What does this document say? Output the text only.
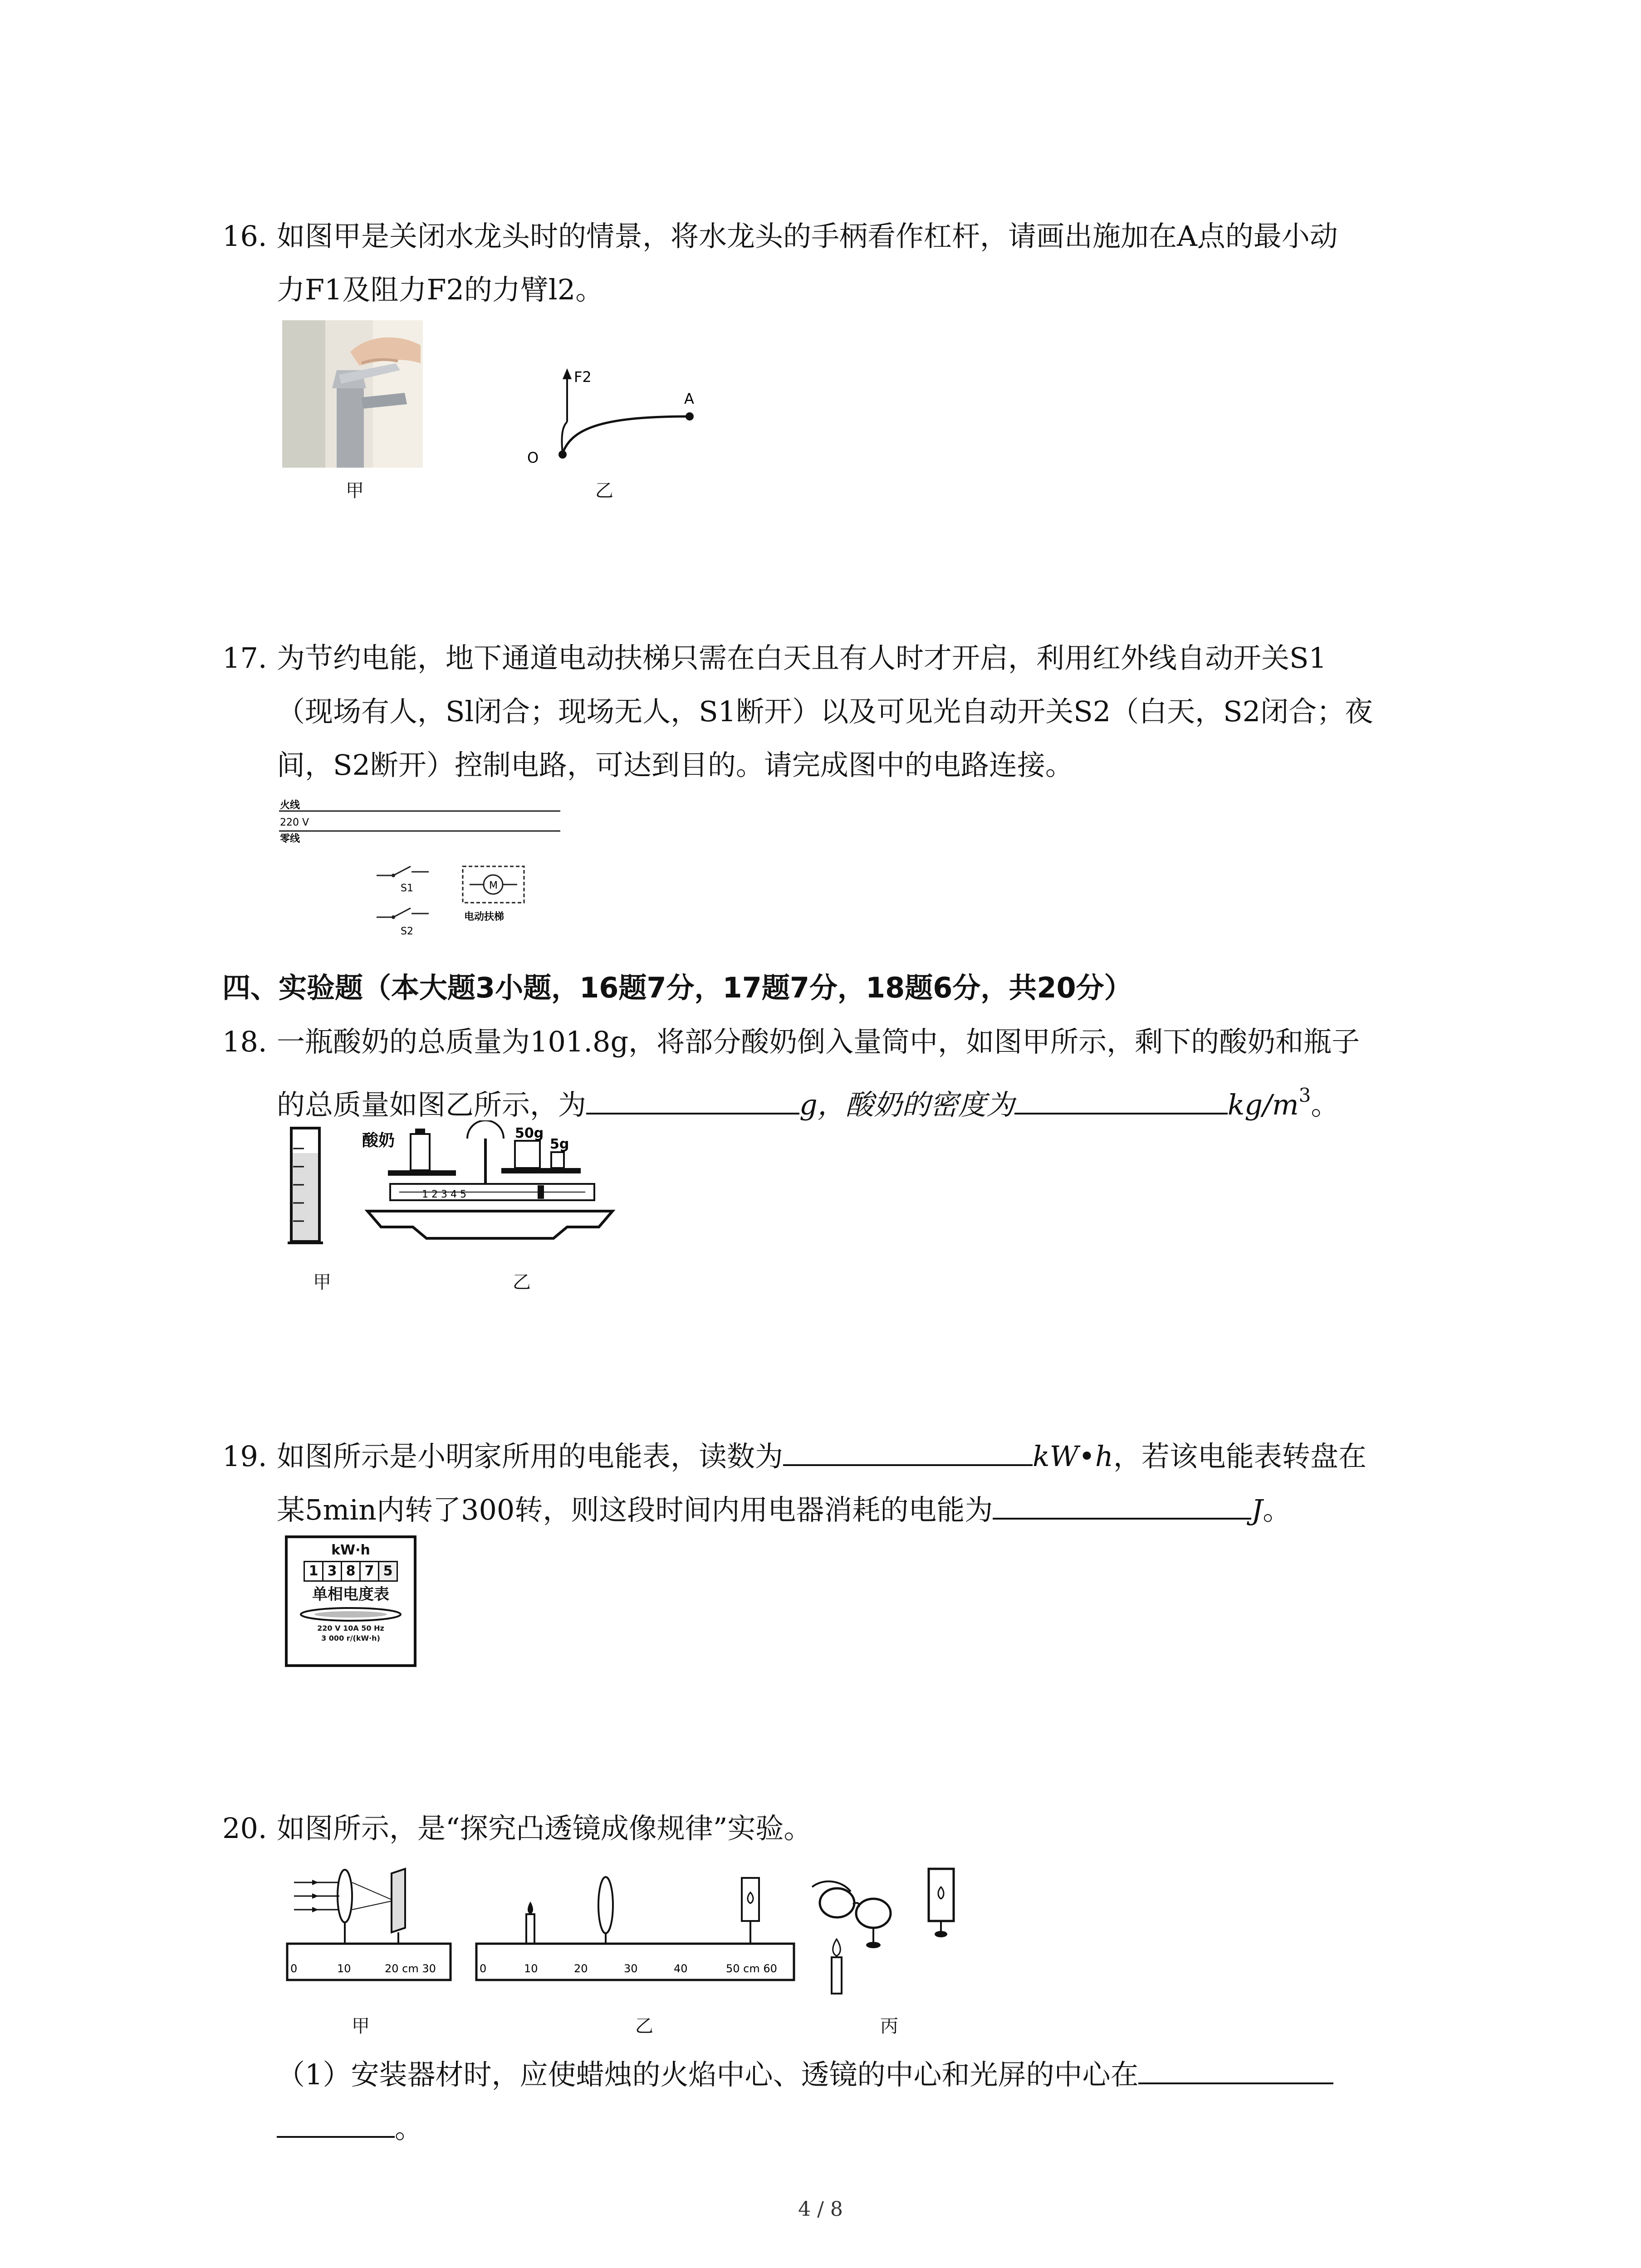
16. 如图甲是关闭水龙头时的情景，将水龙头的手柄看作杠杆，请画出施加在A点的最小动
力F1及阻力F2的力臂l2。
甲
F2
A
O
乙
17. 为节约电能，地下通道电动扶梯只需在白天且有人时才开启，利用红外线自动开关S1
（现场有人，Sl闭合；现场无人，S1断开）以及可见光自动开关S2（白天，S2闭合；夜
间，S2断开）控制电路，可达到目的。请完成图中的电路连接。
火线
220 V
零线
S1
S2
M
电动扶梯
四、实验题（本大题3小题，16题7分，17题7分，18题6分，共20分）
18. 一瓶酸奶的总质量为101.8g，将部分酸奶倒入量筒中，如图甲所示，剩下的酸奶和瓶子
的总质量如图乙所示，为	g，酸奶的密度为	$kg/m^3$。
甲
酸奶	50g
5g
1 2 3 4 5
乙
19. 如图所示是小明家所用的电能表，读数为	kW•h，若该电能表转盘在
某5min内转了300转，则这段时间内用电器消耗的电能为	J。
kW·h
1 3 8 7 5
单相电度表
220 V 10A 50 Hz
3 000 r/(kW·h)
20. 如图所示，是“探究凸透镜成像规律”实验。
0	10	20 cm 30
甲
0	10	20	30	40	50 cm 60
乙	丙
（1）安装器材时，应使蜡烛的火焰中心、透镜的中心和光屏的中心在
。
4 / 8
